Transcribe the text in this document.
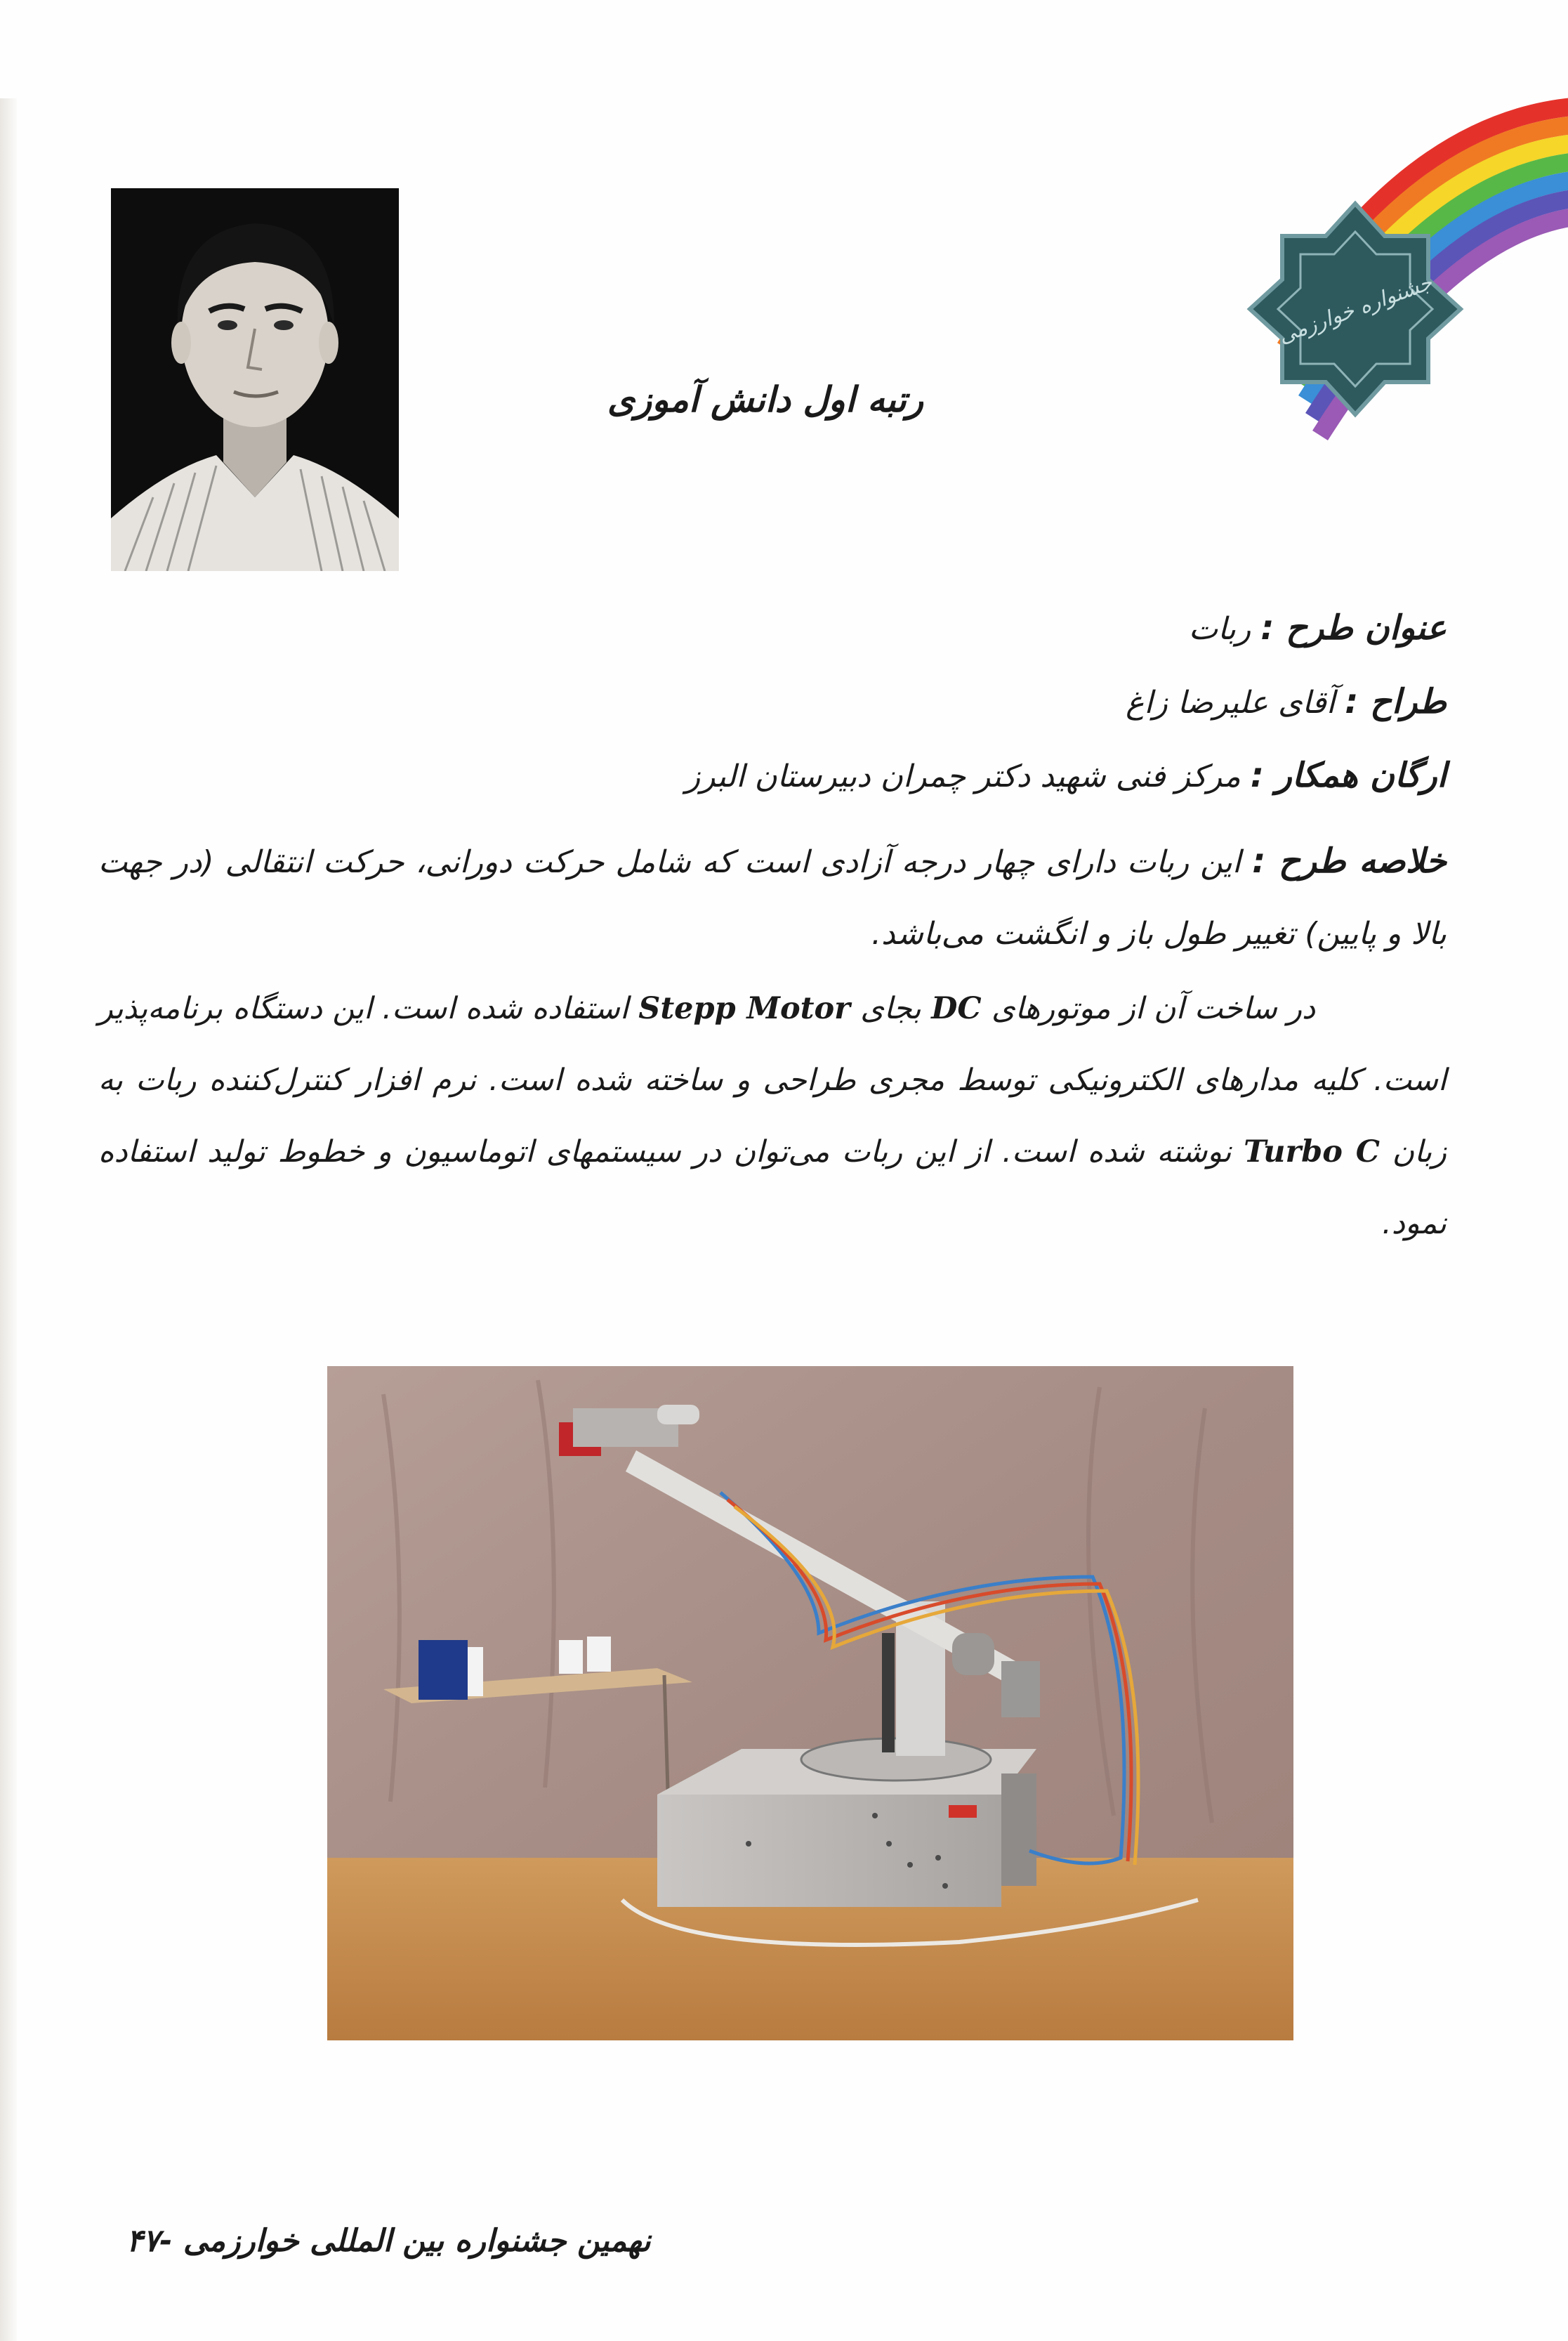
جشنواره خوارزمی
رتبه اول دانش آموزی
عنوان طرح : ربات
طراح : آقای علیرضا زاغ
ارگان همکار : مرکز فنی شهید دکتر چمران دبیرستان البرز
خلاصه طرح : این ربات دارای چهار درجه آزادی است که شامل حرکت دورانی، حرکت انتقالی (در جهت بالا و پایین) تغییر طول باز و انگشت می‌باشد.
در ساخت آن از موتورهای DC بجای Stepp Motor استفاده شده است. این دستگاه برنامه‌پذیر است. کلیه مدارهای الکترونیکی توسط مجری طراحی و ساخته شده است. نرم افزار کنترل‌کننده ربات به زبان Turbo C نوشته شده است. از این ربات می‌توان در سیستمهای اتوماسیون و خطوط تولید استفاده نمود.
نهمین جشنواره بین المللی خوارزمی -۴۷
